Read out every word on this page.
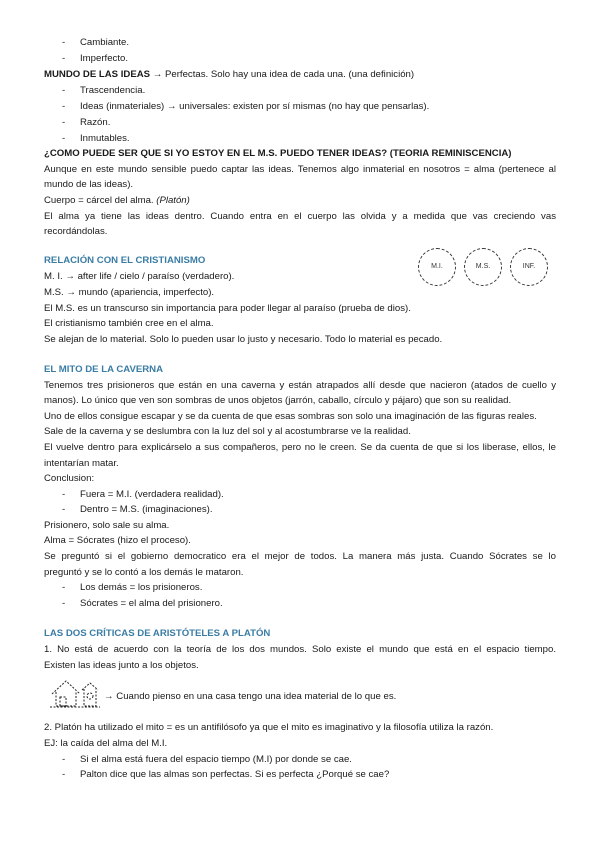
- Cambiante.
- Imperfecto.
MUNDO DE LAS IDEAS → Perfectas. Solo hay una idea de cada una. (una definición)
- Trascendencia.
- Ideas (inmateriales) → universales: existen por sí mismas (no hay que pensarlas).
- Razón.
- Inmutables.
¿COMO PUEDE SER QUE SI YO ESTOY EN EL M.S. PUEDO TENER IDEAS? (TEORIA REMINISCENCIA)
Aunque en este mundo sensible puedo captar las ideas. Tenemos algo inmaterial en nosotros = alma (pertenece al
mundo de las ideas).
Cuerpo = cárcel del alma. (Platón)
El alma ya tiene las ideas dentro. Cuando entra en el cuerpo las olvida y a medida que vas creciendo vas
recordándolas.
RELACIÓN CON EL CRISTIANISMO
M. I. → after life / cielo / paraíso (verdadero).
M.S. → mundo (apariencia, imperfecto).
El M.S. es un transcurso sin importancia para poder llegar al paraíso (prueba de dios).
El cristianismo también cree en el alma.
Se alejan de lo material. Solo lo pueden usar lo justo y necesario. Todo lo material es pecado.
M.I.	M.S.	INF.
EL MITO DE LA CAVERNA
Tenemos tres prisioneros que están en una caverna y están atrapados allí desde que nacieron (atados de cuello y
manos). Lo único que ven son sombras de unos objetos (jarrón, caballo, círculo y pájaro) que son su realidad.
Uno de ellos consigue escapar y se da cuenta de que esas sombras son solo una imaginación de las figuras reales.
Sale de la caverna y se deslumbra con la luz del sol y al acostumbrarse ve la realidad.
El vuelve dentro para explicárselo a sus compañeros, pero no le creen. Se da cuenta de que si los liberase, ellos, le
intentarían matar.
Conclusion:
- Fuera = M.I. (verdadera realidad).
- Dentro = M.S. (imaginaciones).
Prisionero, solo sale su alma.
Alma = Sócrates (hizo el proceso).
Se preguntó si el gobierno democratico era el mejor de todos. La manera más justa. Cuando Sócrates se lo
preguntó y se lo contó a los demás le mataron.
- Los demás = los prisioneros.
- Sócrates = el alma del prisionero.
LAS DOS CRÍTICAS DE ARISTÓTELES A PLATÓN
1. No está de acuerdo con la teoría de los dos mundos. Solo existe el mundo que está en el espacio tiempo.
Existen las ideas junto a los objetos.
→ Cuando pienso en una casa tengo una idea material de lo que es.
2. Platón ha utilizado el mito = es un antifilósofo ya que el mito es imaginativo y la filosofía utiliza la razón.
EJ: la caída del alma del M.I.
- Si el alma está fuera del espacio tiempo (M.I) por donde se cae.
- Palton dice que las almas son perfectas. Si es perfecta ¿Porqué se cae?
